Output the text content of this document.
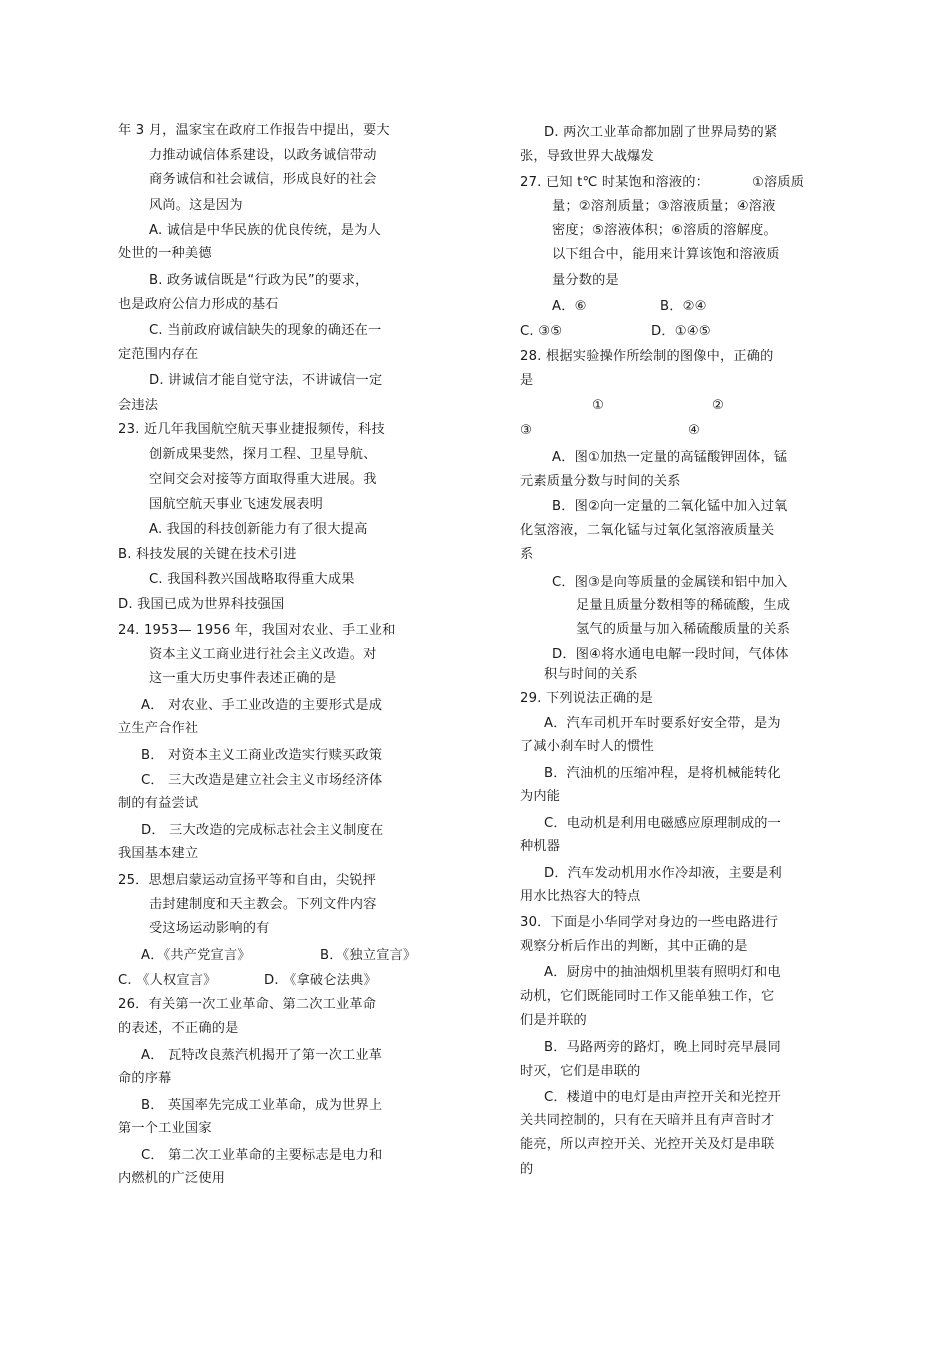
年 3 月，温家宝在政府工作报告中提出，要大
力推动诚信体系建设，以政务诚信带动
商务诚信和社会诚信，形成良好的社会
风尚。这是因为
A. 诚信是中华民族的优良传统，是为人
处世的一种美德
B. 政务诚信既是“行政为民”的要求，
也是政府公信力形成的基石
C. 当前政府诚信缺失的现象的确还在一
定范围内存在
D. 讲诚信才能自觉守法，不讲诚信一定
会违法
23. 近几年我国航空航天事业捷报频传，科技
创新成果斐然，探月工程、卫星导航、
空间交会对接等方面取得重大进展。我
国航空航天事业飞速发展表明
A. 我国的科技创新能力有了很大提高
B. 科技发展的关键在技术引进
C. 我国科教兴国战略取得重大成果
D. 我国已成为世界科技强国
24. 1953— 1956 年，我国对农业、手工业和
资本主义工商业进行社会主义改造。对
这一重大历史事件表述正确的是
A． 对农业、手工业改造的主要形式是成
立生产合作社
B． 对资本主义工商业改造实行赎买政策
C． 三大改造是建立社会主义市场经济体
制的有益尝试
D． 三大改造的完成标志社会主义制度在
我国基本建立
25．思想启蒙运动宣扬平等和自由，尖锐抨
击封建制度和天主教会。下列文件内容
受这场运动影响的有
A．《共产党宣言》	B．《独立宣言》
C. 《人权宣言》	D. 《拿破仑法典》
26．有关第一次工业革命、第二次工业革命
的表述，不正确的是
A． 瓦特改良蒸汽机揭开了第一次工业革
命的序幕
B． 英国率先完成工业革命，成为世界上
第一个工业国家
C． 第二次工业革命的主要标志是电力和
内燃机的广泛使用
D. 两次工业革命都加剧了世界局势的紧
张，导致世界大战爆发
27. 已知 t℃ 时某饱和溶液的：	①溶质质
量；②溶剂质量；③溶液质量；④溶液
密度；⑤溶液体积；⑥溶质的溶解度。
以下组合中，能用来计算该饱和溶液质
量分数的是
A．⑥	B．②④
C. ③⑤	D．①④⑤
28. 根据实验操作所绘制的图像中，正确的
是
①	②
③	④
A．图①加热一定量的高锰酸钾固体，锰
元素质量分数与时间的关系
B．图②向一定量的二氧化锰中加入过氧
化氢溶液，二氧化锰与过氧化氢溶液质量关
系
C．图③是向等质量的金属镁和铝中加入
足量且质量分数相等的稀硫酸，生成
氢气的质量与加入稀硫酸质量的关系
D．图④将水通电电解一段时间，气体体
积与时间的关系
29. 下列说法正确的是
A．汽车司机开车时要系好安全带，是为
了减小刹车时人的惯性
B．汽油机的压缩冲程，是将机械能转化
为内能
C．电动机是利用电磁感应原理制成的一
种机器
D．汽车发动机用水作冷却液，主要是利
用水比热容大的特点
30．下面是小华同学对身边的一些电路进行
观察分析后作出的判断，其中正确的是
A．厨房中的抽油烟机里装有照明灯和电
动机，它们既能同时工作又能单独工作，它
们是并联的
B．马路两旁的路灯，晚上同时亮早晨同
时灭，它们是串联的
C．楼道中的电灯是由声控开关和光控开
关共同控制的，只有在天暗并且有声音时才
能亮，所以声控开关、光控开关及灯是串联
的
